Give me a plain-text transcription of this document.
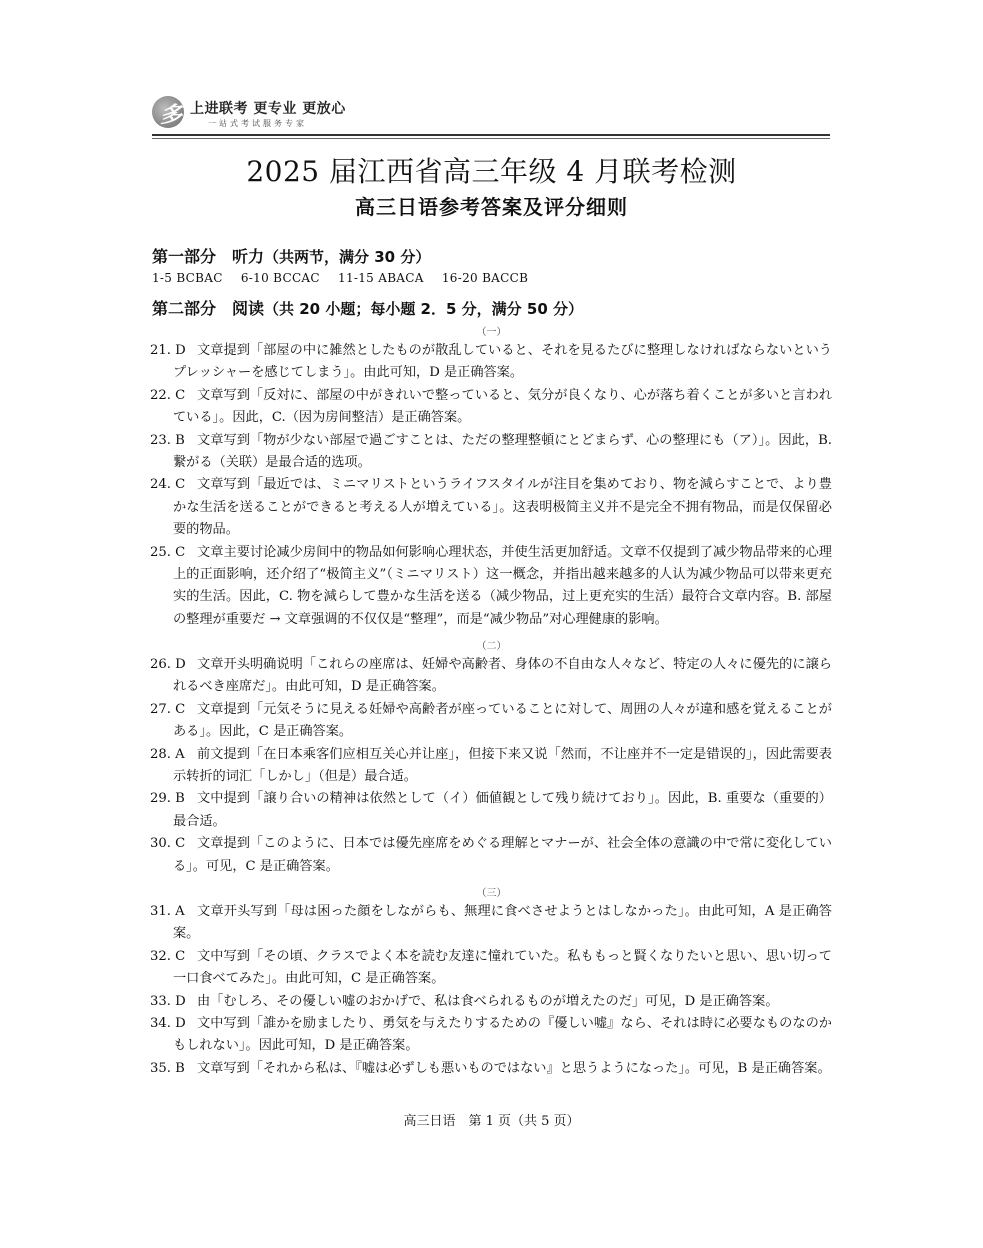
多 上进联考 更专业 更放心
一站式考试服务专家
2025 届江西省高三年级 4 月联考检测
高三日语参考答案及评分细则
第一部分　听力（共两节，满分 30 分）
1-5 BCBAC 6-10 BCCAC 11-15 ABACA 16-20 BACCB
第二部分　阅读（共 20 小题；每小题 2．5 分，满分 50 分）
（一）
21. D 文章提到「部屋の中に雑然としたものが散乱していると、それを見るたびに整理しなければならないというプレッシャーを感じてしまう」。由此可知，D 是正确答案。
22. C 文章写到「反対に、部屋の中がきれいで整っていると、気分が良くなり、心が落ち着くことが多いと言われている」。因此，C.（因为房间整洁）是正确答案。
23. B 文章写到「物が少ない部屋で過ごすことは、ただの整理整頓にとどまらず、心の整理にも（ア）」。因此，B. 繋がる（关联）是最合适的选项。
24. C 文章写到「最近では、ミニマリストというライフスタイルが注目を集めており、物を減らすことで、より豊かな生活を送ることができると考える人が増えている」。这表明极简主义并不是完全不拥有物品，而是仅保留必要的物品。
25. C 文章主要讨论减少房间中的物品如何影响心理状态，并使生活更加舒适。文章不仅提到了减少物品带来的心理上的正面影响，还介绍了“极简主义”（ミニマリスト）这一概念，并指出越来越多的人认为减少物品可以带来更充实的生活。因此，C. 物を減らして豊かな生活を送る（减少物品，过上更充实的生活）最符合文章内容。B. 部屋の整理が重要だ → 文章强调的不仅仅是“整理”，而是“减少物品”对心理健康的影响。
（二）
26. D 文章开头明确说明「これらの座席は、妊婦や高齢者、身体の不自由な人々など、特定の人々に優先的に譲られるべき座席だ」。由此可知，D 是正确答案。
27. C 文章提到「元気そうに見える妊婦や高齢者が座っていることに対して、周囲の人々が違和感を覚えることがある」。因此，C 是正确答案。
28. A 前文提到「在日本乘客们应相互关心并让座」，但接下来又说「然而，不让座并不一定是错误的」，因此需要表示转折的词汇「しかし」（但是）最合适。
29. B 文中提到「譲り合いの精神は依然として（イ）価値観として残り続けており」。因此，B. 重要な（重要的）最合适。
30. C 文章提到「このように、日本では優先座席をめぐる理解とマナーが、社会全体の意識の中で常に変化している」。可见，C 是正确答案。
（三）
31. A 文章开头写到「母は困った顔をしながらも、無理に食べさせようとはしなかった」。由此可知，A 是正确答案。
32. C 文中写到「その頃、クラスでよく本を読む友達に憧れていた。私ももっと賢くなりたいと思い、思い切って一口食べてみた」。由此可知，C 是正确答案。
33. D 由「むしろ、その優しい嘘のおかげで、私は食べられるものが増えたのだ」可见，D 是正确答案。
34. D 文中写到「誰かを励ましたり、勇気を与えたりするための『優しい嘘』なら、それは時に必要なものなのかもしれない」。因此可知，D 是正确答案。
35. B 文章写到「それから私は、『嘘は必ずしも悪いものではない』と思うようになった」。可见，B 是正确答案。
高三日语　第 1 页（共 5 页）
